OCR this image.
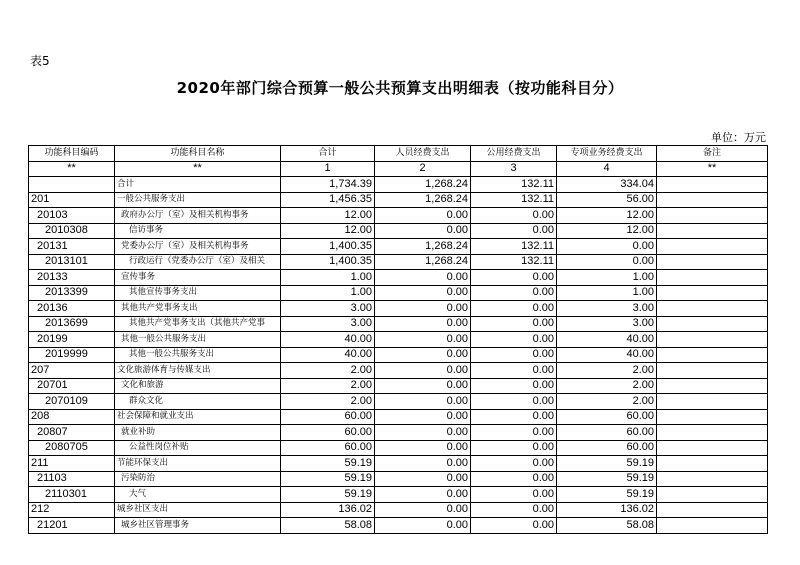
表5
2020年部门综合预算一般公共预算支出明细表（按功能科目分）
单位：万元
功能科目编码	功能科目名称	合计	人员经费支出	公用经费支出	专项业务经费支出	备注
**	**	1	2	3	4	**
	合计	1,734.39	1,268.24	132.11	334.04	
201	一般公共服务支出	1,456.35	1,268.24	132.11	56.00	
20103	政府办公厅（室）及相关机构事务	12.00	0.00	0.00	12.00	
2010308	信访事务	12.00	0.00	0.00	12.00	
20131	党委办公厅（室）及相关机构事务	1,400.35	1,268.24	132.11	0.00	
2013101	行政运行（党委办公厅（室）及相关	1,400.35	1,268.24	132.11	0.00	
20133	宣传事务	1.00	0.00	0.00	1.00	
2013399	其他宣传事务支出	1.00	0.00	0.00	1.00	
20136	其他共产党事务支出	3.00	0.00	0.00	3.00	
2013699	其他共产党事务支出（其他共产党事	3.00	0.00	0.00	3.00	
20199	其他一般公共服务支出	40.00	0.00	0.00	40.00	
2019999	其他一般公共服务支出	40.00	0.00	0.00	40.00	
207	文化旅游体育与传媒支出	2.00	0.00	0.00	2.00	
20701	文化和旅游	2.00	0.00	0.00	2.00	
2070109	群众文化	2.00	0.00	0.00	2.00	
208	社会保障和就业支出	60.00	0.00	0.00	60.00	
20807	就业补助	60.00	0.00	0.00	60.00	
2080705	公益性岗位补贴	60.00	0.00	0.00	60.00	
211	节能环保支出	59.19	0.00	0.00	59.19	
21103	污染防治	59.19	0.00	0.00	59.19	
2110301	大气	59.19	0.00	0.00	59.19	
212	城乡社区支出	136.02	0.00	0.00	136.02	
21201	城乡社区管理事务	58.08	0.00	0.00	58.08	
